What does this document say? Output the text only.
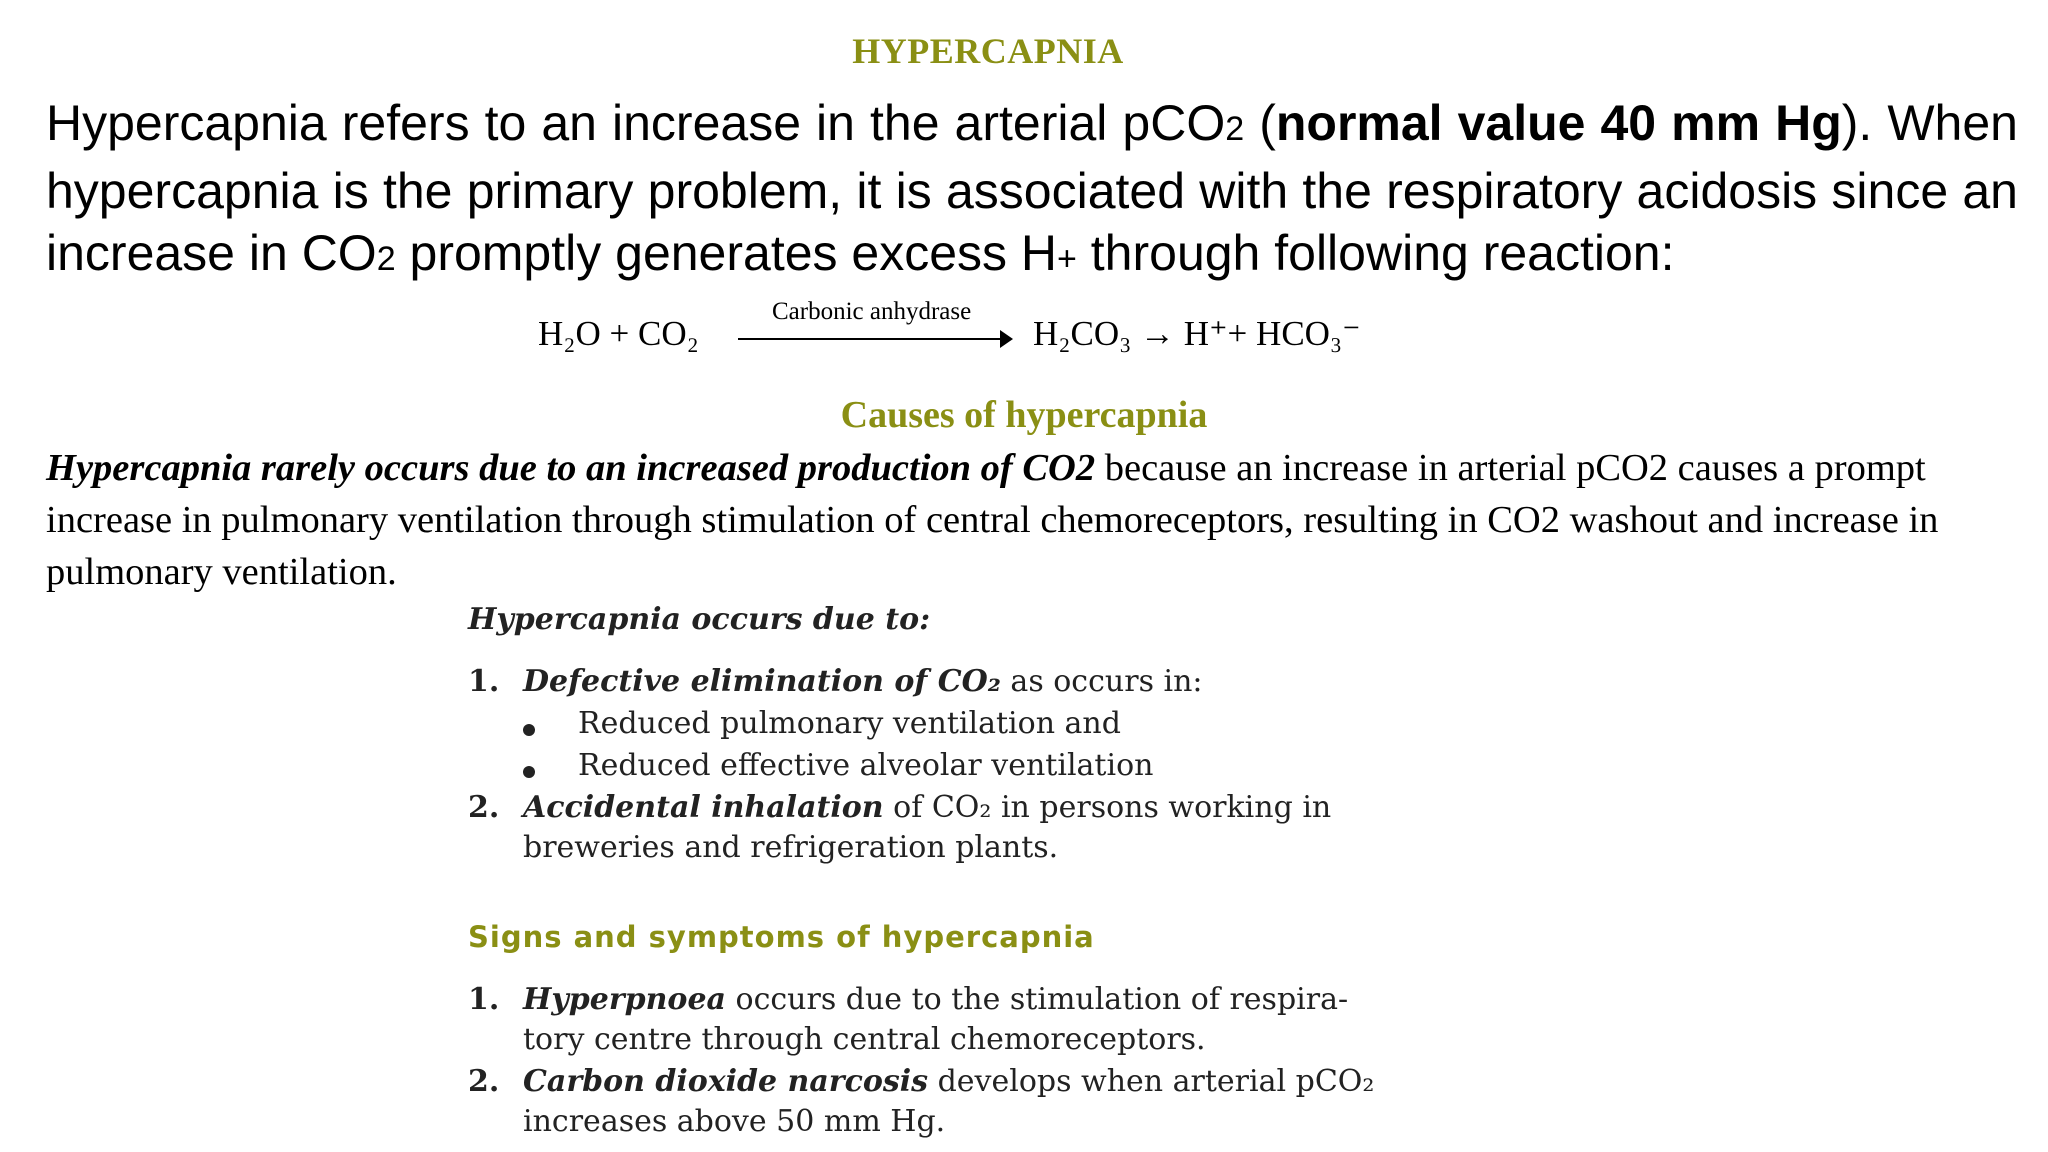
HYPERCAPNIA
Hypercapnia refers to an increase in the arterial pCO2 (normal value 40 mm Hg). When hypercapnia is the primary problem, it is associated with the respiratory acidosis since an increase in CO2 promptly generates excess H+ through following reaction:
H₂O + CO₂
Carbonic anhydrase
H₂CO₃ → H⁺+ HCO₃⁻
Causes of hypercapnia
Hypercapnia rarely occurs due to an increased production of CO2 because an increase in arterial pCO2 causes a prompt increase in pulmonary ventilation through stimulation of central chemoreceptors, resulting in CO2 washout and increase in pulmonary ventilation.
Hypercapnia occurs due to:
1. Defective elimination of CO₂ as occurs in:
Reduced pulmonary ventilation and
Reduced effective alveolar ventilation
2. Accidental inhalation of CO₂ in persons working in
breweries and refrigeration plants.
Signs and symptoms of hypercapnia
1. Hyperpnoea occurs due to the stimulation of respira-
tory centre through central chemoreceptors.
2. Carbon dioxide narcosis develops when arterial pCO₂
increases above 50 mm Hg.
